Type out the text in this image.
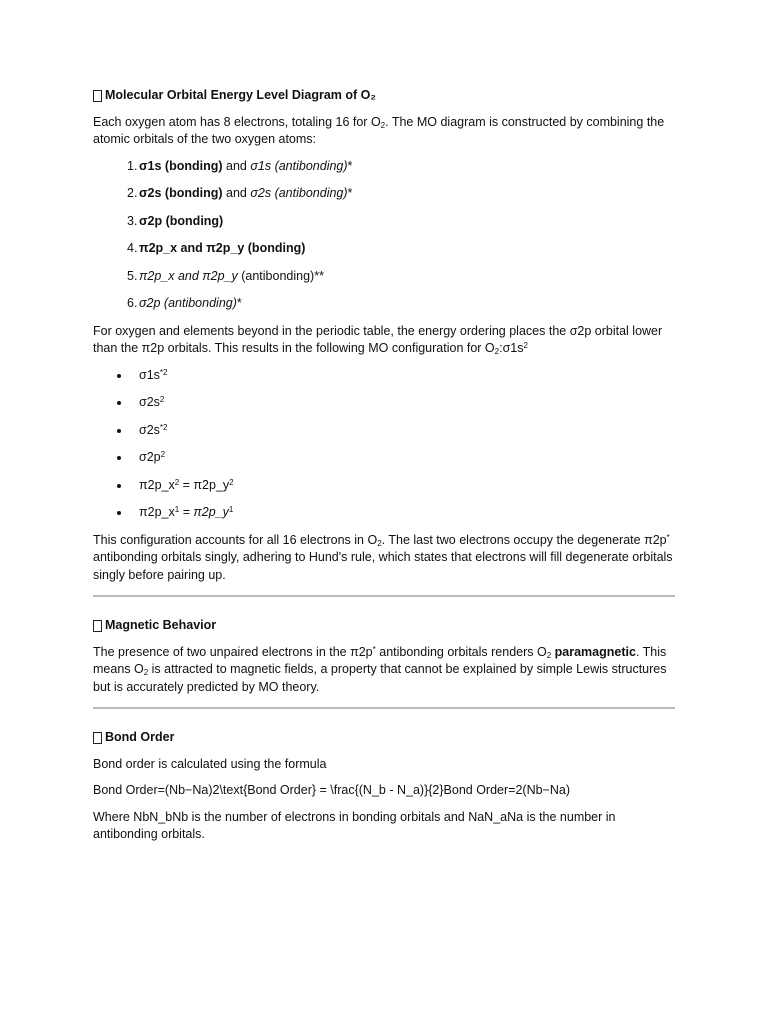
Molecular Orbital Energy Level Diagram of O₂

Each oxygen atom has 8 electrons, totaling 16 for $O_2$. The MO diagram is constructed by combining the atomic orbitals of the two oxygen atoms:

1. σ1s (bonding) and σ1s (antibonding)*
2. σ2s (bonding) and σ2s (antibonding)*
3. σ2p (bonding)
4. π2p_x and π2p_y (bonding)
5. π2p_x and π2p_y (antibonding)**
6. σ2p (antibonding)*

For oxygen and elements beyond in the periodic table, the energy ordering places the σ2p orbital lower than the π2p orbitals. This results in the following MO configuration for $O_2:\sigma 1s^2$

$\sigma 1s^{*2}$
$\sigma 2s^2$
$\sigma 2s^{*2}$
$\sigma 2p^2$
$\pi 2p\_x^2$ = $\pi 2p\_y^2$
$\pi 2p\_x^1$ = $\pi 2p\_y^1$

This configuration accounts for all 16 electrons in $O_2$. The last two electrons occupy the degenerate π2p* antibonding orbitals singly, adhering to Hund's rule, which states that electrons will fill degenerate orbitals singly before pairing up.

Magnetic Behavior

The presence of two unpaired electrons in the π2p* antibonding orbitals renders $O_2$ paramagnetic. This means $O_2$ is attracted to magnetic fields, a property that cannot be explained by simple Lewis structures but is accurately predicted by MO theory.

Bond Order

Bond order is calculated using the formula

Bond Order=(Nb−Na)2\text{Bond Order} = \frac{(N_b - N_a)}{2}Bond Order=2(Nb−Na)

Where NbN_bNb is the number of electrons in bonding orbitals and NaN_aNa is the number in antibonding orbitals.
